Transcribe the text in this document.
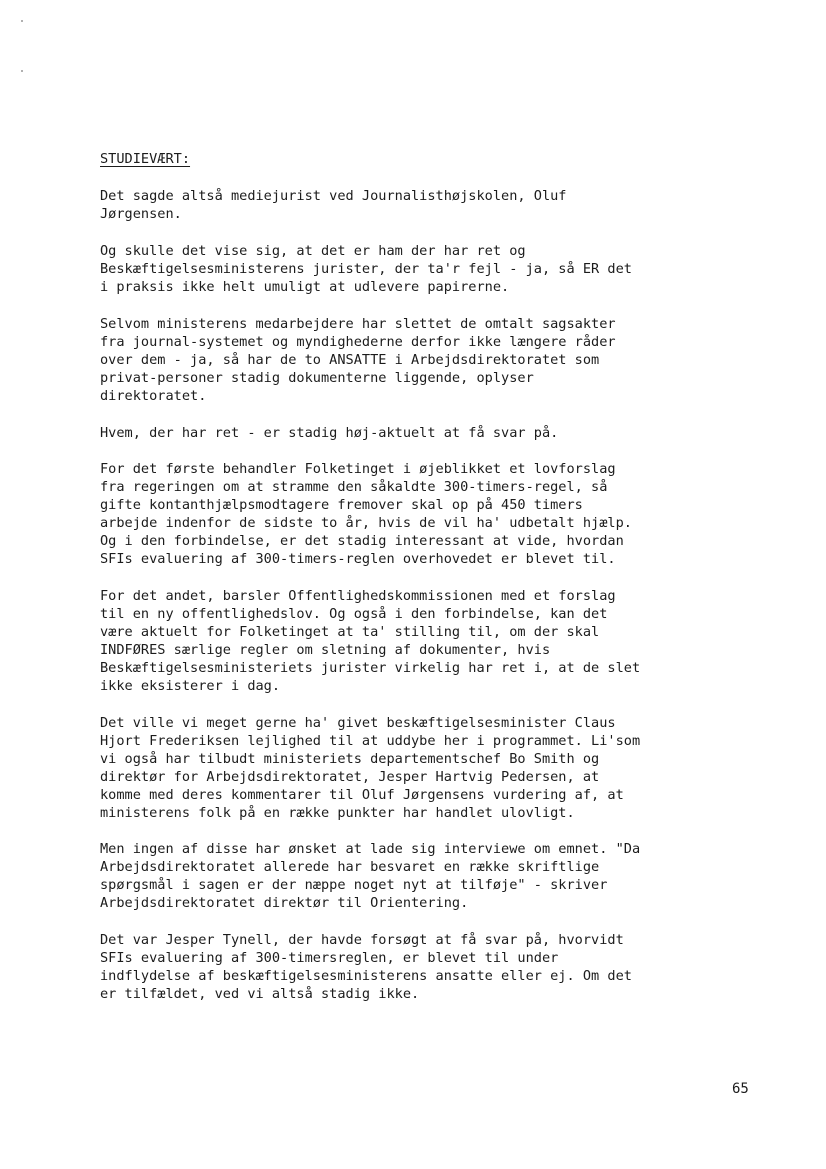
STUDIEVÆRT:

Det sagde altså mediejurist ved Journalisthøjskolen, Oluf
Jørgensen.

Og skulle det vise sig, at det er ham der har ret og
Beskæftigelsesministerens jurister, der ta'r fejl - ja, så ER det
i praksis ikke helt umuligt at udlevere papirerne.

Selvom ministerens medarbejdere har slettet de omtalt sagsakter
fra journal-systemet og myndighederne derfor ikke længere råder
over dem - ja, så har de to ANSATTE i Arbejdsdirektoratet som
privat-personer stadig dokumenterne liggende, oplyser
direktoratet.

Hvem, der har ret - er stadig høj-aktuelt at få svar på.

For det første behandler Folketinget i øjeblikket et lovforslag
fra regeringen om at stramme den såkaldte 300-timers-regel, så
gifte kontanthjælpsmodtagere fremover skal op på 450 timers
arbejde indenfor de sidste to år, hvis de vil ha' udbetalt hjælp.
Og i den forbindelse, er det stadig interessant at vide, hvordan
SFIs evaluering af 300-timers-reglen overhovedet er blevet til.

For det andet, barsler Offentlighedskommissionen med et forslag
til en ny offentlighedslov. Og også i den forbindelse, kan det
være aktuelt for Folketinget at ta' stilling til, om der skal
INDFØRES særlige regler om sletning af dokumenter, hvis
Beskæftigelsesministeriets jurister virkelig har ret i, at de slet
ikke eksisterer i dag.

Det ville vi meget gerne ha' givet beskæftigelsesminister Claus
Hjort Frederiksen lejlighed til at uddybe her i programmet. Li'som
vi også har tilbudt ministeriets departementschef Bo Smith og
direktør for Arbejdsdirektoratet, Jesper Hartvig Pedersen, at
komme med deres kommentarer til Oluf Jørgensens vurdering af, at
ministerens folk på en række punkter har handlet ulovligt.

Men ingen af disse har ønsket at lade sig interviewe om emnet. "Da
Arbejdsdirektoratet allerede har besvaret en række skriftlige
spørgsmål i sagen er der næppe noget nyt at tilføje" - skriver
Arbejdsdirektoratet direktør til Orientering.

Det var Jesper Tynell, der havde forsøgt at få svar på, hvorvidt
SFIs evaluering af 300-timersreglen, er blevet til under
indflydelse af beskæftigelsesministerens ansatte eller ej. Om det
er tilfældet, ved vi altså stadig ikke.

65
